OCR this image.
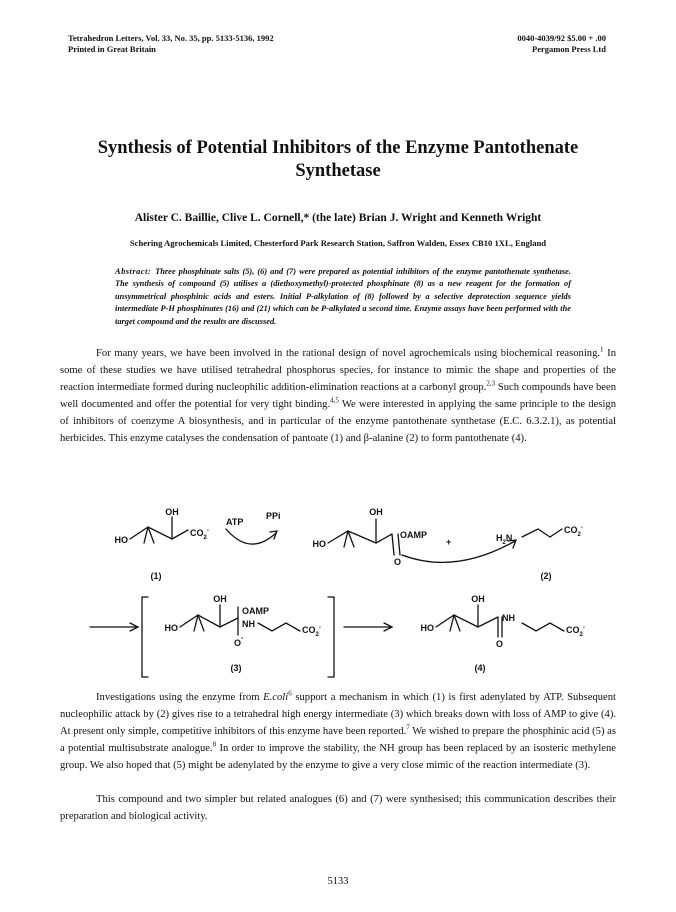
Tetrahedron Letters, Vol. 33, No. 35, pp. 5133-5136, 1992
Printed in Great Britain
0040-4039/92 $5.00 + .00
Pergamon Press Ltd
Synthesis of Potential Inhibitors of the Enzyme Pantothenate Synthetase
Alister C. Baillie, Clive L. Cornell,* (the late) Brian J. Wright and Kenneth Wright
Schering Agrochemicals Limited, Chesterford Park Research Station, Saffron Walden, Essex CB10 1XL, England
Abstract: Three phosphinate salts (5), (6) and (7) were prepared as potential inhibitors of the enzyme pantothenate synthetase. The synthesis of compound (5) utilises a (diethoxymethyl)-protected phosphinate (8) as a new reagent for the formation of unsymmetrical phosphinic acids and esters. Initial P-alkylation of (8) followed by a selective deprotection sequence yields intermediate P-H phosphinates (16) and (21) which can be P-alkylated a second time. Enzyme assays have been performed with the target compound and the results are discussed.
For many years, we have been involved in the rational design of novel agrochemicals using biochemical reasoning.$^1$ In some of these studies we have utilised tetrahedral phosphorus species, for instance to mimic the shape and properties of the reaction intermediate formed during nucleophilic addition-elimination reactions at a carbonyl group.$^{2,3}$ Such compounds have been well documented and offer the potential for very tight binding.$^{4,5}$ We were interested in applying the same principle to the design of inhibitors of coenzyme A biosynthesis, and in particular of the enzyme pantothenate synthetase (E.C. 6.3.2.1), as potential herbicides. This enzyme catalyses the condensation of pantoate (1) and β-alanine (2) to form pantothenate (4).
OH
HO
$CO_2^-$
(1)
ATP
PPi	OH
HO
OAMP
+
O
$H_2N$
$CO_2^-$
(2)
OH
HO
OAMP
NH
O-
$CO_2^-$
(3)
OH
HO
NH
O
$CO_2^-$
(4)
Investigations using the enzyme from E.coli$^6$ support a mechanism in which (1) is first adenylated by ATP. Subsequent nucleophilic attack by (2) gives rise to a tetrahedral high energy intermediate (3) which breaks down with loss of AMP to give (4). At present only simple, competitive inhibitors of this enzyme have been reported.$^7$ We wished to prepare the phosphinic acid (5) as a potential multisubstrate analogue.$^8$ In order to improve the stability, the NH group has been replaced by an isosteric methylene group. We also hoped that (5) might be adenylated by the enzyme to give a very close mimic of the reaction intermediate (3).
This compound and two simpler but related analogues (6) and (7) were synthesised; this communication describes their preparation and biological activity.
5133
